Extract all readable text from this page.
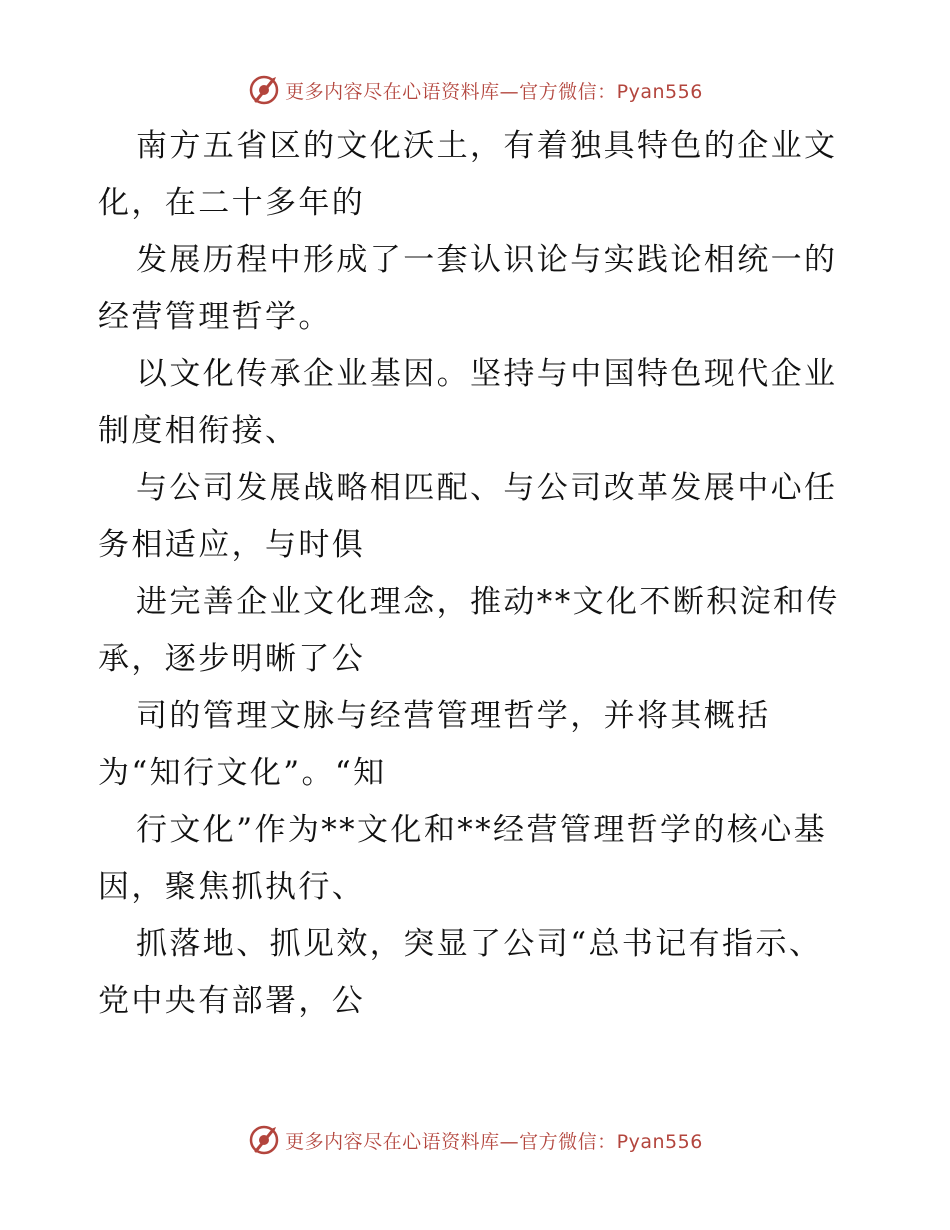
更多内容尽在心语资料库—官方微信：Pyan556
南方五省区的文化沃土，有着独具特色的企业文
化，在二十多年的
发展历程中形成了一套认识论与实践论相统一的
经营管理哲学。
以文化传承企业基因。坚持与中国特色现代企业
制度相衔接、
与公司发展战略相匹配、与公司改革发展中心任
务相适应，与时俱
进完善企业文化理念，推动**文化不断积淀和传
承，逐步明晰了公
司的管理文脉与经营管理哲学，并将其概括
为“知行文化”。“知
行文化”作为**文化和**经营管理哲学的核心基
因，聚焦抓执行、
抓落地、抓见效，突显了公司“总书记有指示、
党中央有部署，公
更多内容尽在心语资料库—官方微信：Pyan556
